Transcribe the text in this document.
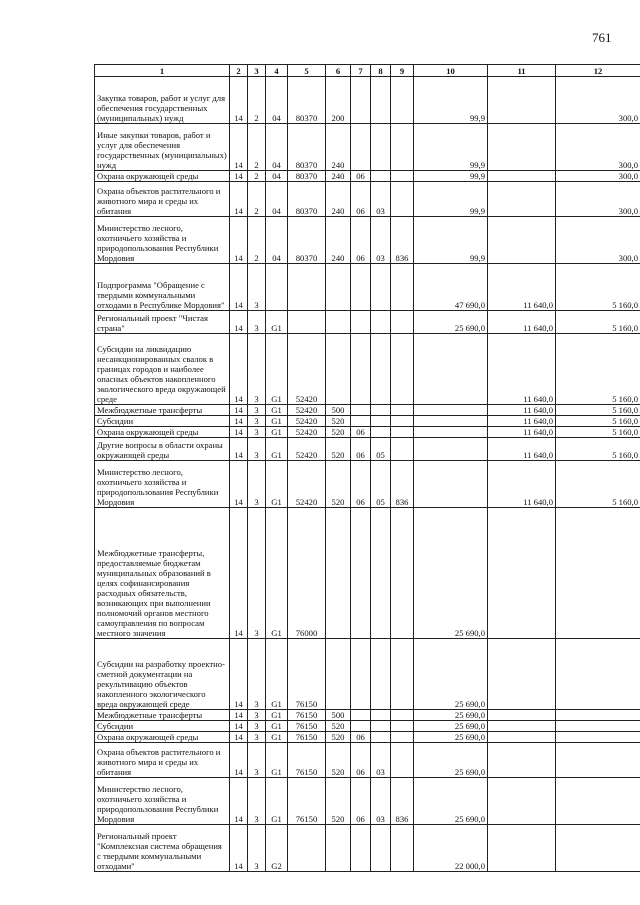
761
1	2	3	4	5	6	7	8	9	10	11	12
Закупка товаров, работ и услуг для обеспечения государственных (муниципальных) нужд	14	2	04	80370	200				99,9		300,0
Иные закупки товаров, работ и услуг для обеспечения государственных (муниципальных) нужд	14	2	04	80370	240				99,9		300,0
Охрана окружающей среды	14	2	04	80370	240	06			99,9		300,0
Охрана объектов растительного и животного мира и среды их обитания	14	2	04	80370	240	06	03		99,9		300,0
Министерство лесного, охотничьего хозяйства и природопользования Республики Мордовия	14	2	04	80370	240	06	03	836	99,9		300,0
Подпрограмма "Обращение с твердыми коммунальными отходами в Республике Мордовия"	14	3							47 690,0	11 640,0	5 160,0
Региональный проект "Чистая страна"	14	3	G1						25 690,0	11 640,0	5 160,0
Субсидии на ликвидацию несанкционированных свалок в границах городов и наиболее опасных объектов накопленного экологического вреда окружающей среде	14	3	G1	52420						11 640,0	5 160,0
Межбюджетные трансферты	14	3	G1	52420	500					11 640,0	5 160,0
Субсидии	14	3	G1	52420	520					11 640,0	5 160,0
Охрана окружающей среды	14	3	G1	52420	520	06				11 640,0	5 160,0
Другие вопросы в области охраны окружающей среды	14	3	G1	52420	520	06	05			11 640,0	5 160,0
Министерство лесного, охотничьего хозяйства и природопользования Республики Мордовия	14	3	G1	52420	520	06	05	836		11 640,0	5 160,0
Межбюджетные трансферты, предоставляемые бюджетам муниципальных образований в целях софинансирования расходных обязательств, возникающих при выполнении полномочий органов местного самоуправления по вопросам местного значения	14	3	G1	76000					25 690,0		
Субсидии на разработку проектно-сметной документации на рекультивацию объектов накопленного экологического вреда окружающей среде	14	3	G1	76150					25 690,0		
Межбюджетные трансферты	14	3	G1	76150	500				25 690,0		
Субсидии	14	3	G1	76150	520				25 690,0		
Охрана окружающей среды	14	3	G1	76150	520	06			25 690,0		
Охрана объектов растительного и животного мира и среды их обитания	14	3	G1	76150	520	06	03		25 690,0		
Министерство лесного, охотничьего хозяйства и природопользования Республики Мордовия	14	3	G1	76150	520	06	03	836	25 690,0		
Региональный проект "Комплексная система обращения с твердыми коммунальными отходами"	14	3	G2						22 000,0		
